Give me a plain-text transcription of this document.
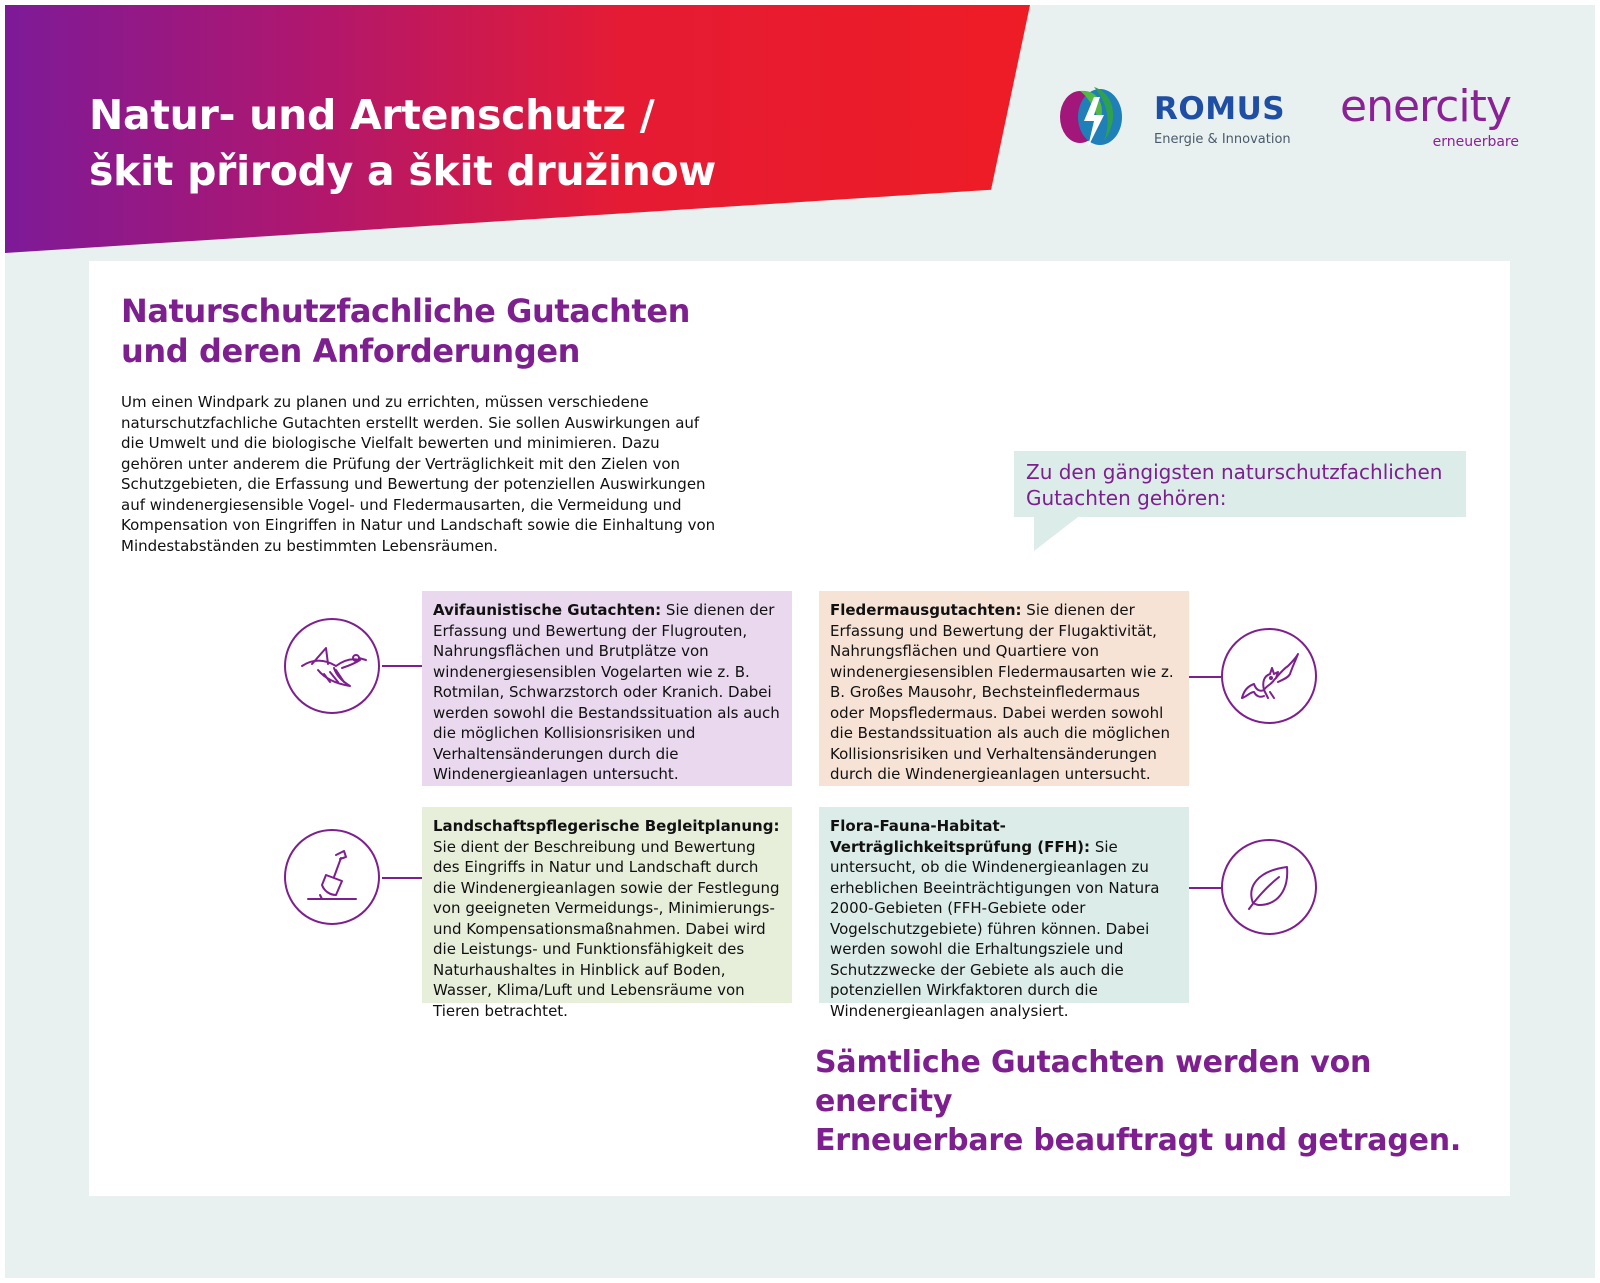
Natur- und Artenschutz /
škit přirody a škit družinow
ROMUS
Energie & Innovation
enercity
erneuerbare
Naturschutzfachliche Gutachten
und deren Anforderungen

Um einen Windpark zu planen und zu errichten, müssen verschiedene naturschutzfachliche Gutachten erstellt werden. Sie sollen Auswirkungen auf die Umwelt und die biologische Vielfalt bewerten und minimieren. Dazu gehören unter anderem die Prüfung der Verträglichkeit mit den Zielen von Schutzgebieten, die Erfassung und Bewertung der potenziellen Auswirkungen auf windenergiesensible Vogel- und Fledermausarten, die Vermeidung und Kompensation von Eingriffen in Natur und Landschaft sowie die Einhaltung von Mindestabständen zu bestimmten Lebensräumen.

Zu den gängigsten naturschutzfachlichen Gutachten gehören:

Avifaunistische Gutachten: Sie dienen der Erfassung und Bewertung der Flugrouten, Nahrungsflächen und Brutplätze von windenergiesensiblen Vogelarten wie z. B. Rotmilan, Schwarzstorch oder Kranich. Dabei werden sowohl die Bestandssituation als auch die möglichen Kollisionsrisiken und Verhaltensänderungen durch die Windenergieanlagen untersucht.
Fledermausgutachten: Sie dienen der Erfassung und Bewertung der Flugaktivität, Nahrungsflächen und Quartiere von windenergiesensiblen Fledermausarten wie z. B. Großes Mausohr, Bechsteinfledermaus oder Mopsfledermaus. Dabei werden sowohl die Bestandssituation als auch die möglichen Kollisionsrisiken und Verhaltensänderungen durch die Windenergieanlagen untersucht.
Landschaftspflegerische Begleitplanung: Sie dient der Beschreibung und Bewertung des Eingriffs in Natur und Landschaft durch die Windenergieanlagen sowie der Festlegung von geeigneten Vermeidungs-, Minimierungs- und Kompensationsmaßnahmen. Dabei wird die Leistungs- und Funktionsfähigkeit des Naturhaushaltes in Hinblick auf Boden, Wasser, Klima/Luft und Lebensräume von Tieren betrachtet.
Flora-Fauna-Habitat-Verträglichkeitsprüfung (FFH): Sie untersucht, ob die Windenergieanlagen zu erheblichen Beeinträchtigungen von Natura 2000-Gebieten (FFH-Gebiete oder Vogelschutzgebiete) führen können. Dabei werden sowohl die Erhaltungsziele und Schutzzwecke der Gebiete als auch die potenziellen Wirkfaktoren durch die Windenergieanlagen analysiert.
Sämtliche Gutachten werden von enercity
Erneuerbare beauftragt und getragen.
